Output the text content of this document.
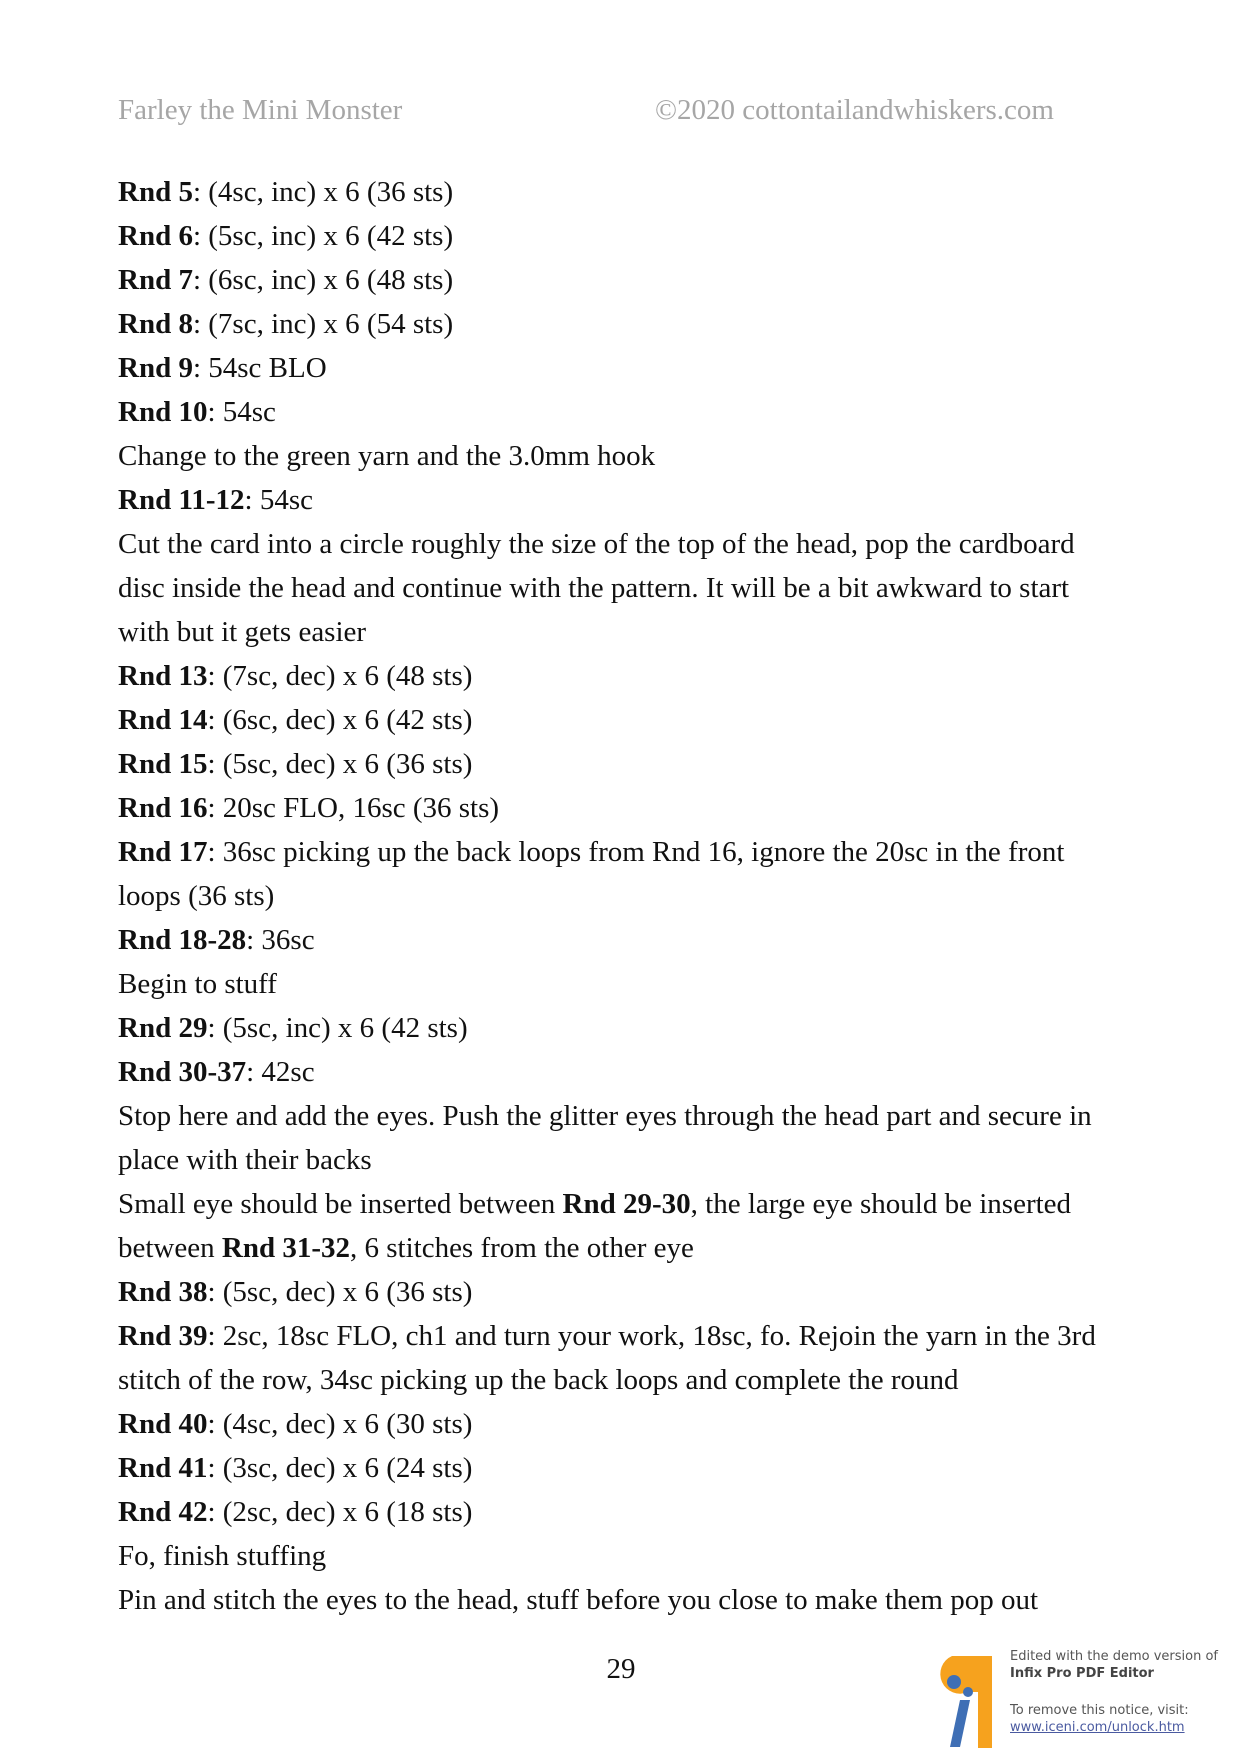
Farley the Mini Monster	©2020 cottontailandwhiskers.com
Rnd 5: (4sc, inc) x 6 (36 sts)
Rnd 6: (5sc, inc) x 6 (42 sts)
Rnd 7: (6sc, inc) x 6 (48 sts)
Rnd 8: (7sc, inc) x 6 (54 sts)
Rnd 9: 54sc BLO
Rnd 10: 54sc
Change to the green yarn and the 3.0mm hook
Rnd 11-12: 54sc
Cut the card into a circle roughly the size of the top of the head, pop the cardboard
disc inside the head and continue with the pattern. It will be a bit awkward to start
with but it gets easier
Rnd 13: (7sc, dec) x 6 (48 sts)
Rnd 14: (6sc, dec) x 6 (42 sts)
Rnd 15: (5sc, dec) x 6 (36 sts)
Rnd 16: 20sc FLO, 16sc (36 sts)
Rnd 17: 36sc picking up the back loops from Rnd 16, ignore the 20sc in the front
loops (36 sts)
Rnd 18-28: 36sc
Begin to stuff
Rnd 29: (5sc, inc) x 6 (42 sts)
Rnd 30-37: 42sc
Stop here and add the eyes. Push the glitter eyes through the head part and secure in
place with their backs
Small eye should be inserted between Rnd 29-30, the large eye should be inserted
between Rnd 31-32, 6 stitches from the other eye
Rnd 38: (5sc, dec) x 6 (36 sts)
Rnd 39: 2sc, 18sc FLO, ch1 and turn your work, 18sc, fo. Rejoin the yarn in the 3rd
stitch of the row, 34sc picking up the back loops and complete the round
Rnd 40: (4sc, dec) x 6 (30 sts)
Rnd 41: (3sc, dec) x 6 (24 sts)
Rnd 42: (2sc, dec) x 6 (18 sts)
Fo, finish stuffing
Pin and stitch the eyes to the head, stuff before you close to make them pop out
29	Edited with the demo version of
Infix Pro PDF Editor
To remove this notice, visit:
www.iceni.com/unlock.htm
